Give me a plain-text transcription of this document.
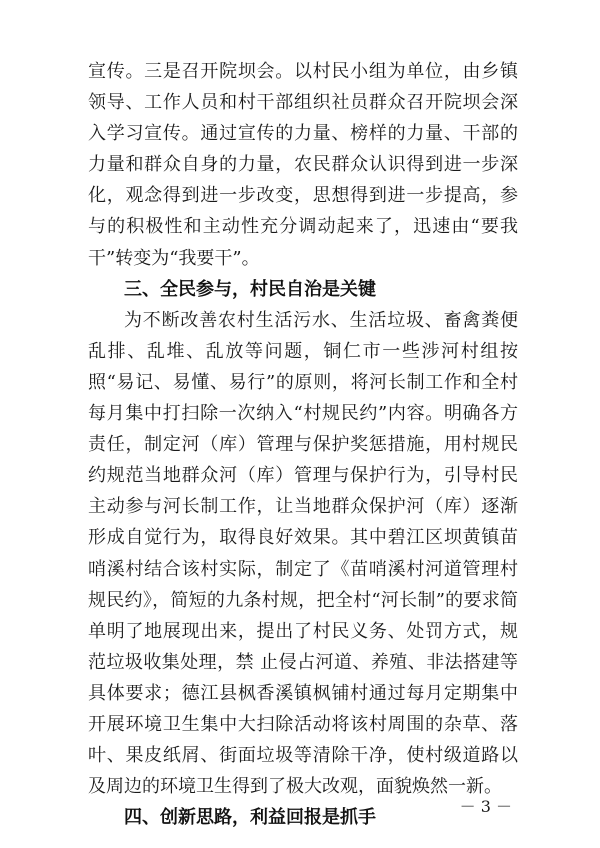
宣传。三是召开院坝会。以村民小组为单位，由乡镇领导、工作人员和村干部组织社员群众召开院坝会深入学习宣传。通过宣传的力量、榜样的力量、干部的力量和群众自身的力量，农民群众认识得到进一步深化，观念得到进一步改变，思想得到进一步提高，参与的积极性和主动性充分调动起来了，迅速由“要我干”转变为“我要干”。

三、全民参与，村民自治是关键

为不断改善农村生活污水、生活垃圾、畜禽粪便乱排、乱堆、乱放等问题，铜仁市一些涉河村组按照“易记、易懂、易行”的原则，将河长制工作和全村每月集中打扫除一次纳入“村规民约”内容。明确各方责任，制定河（库）管理与保护奖惩措施，用村规民约规范当地群众河（库）管理与保护行为，引导村民主动参与河长制工作，让当地群众保护河（库）逐渐形成自觉行为，取得良好效果。其中碧江区坝黄镇苗哨溪村结合该村实际，制定了《苗哨溪村河道管理村规民约》，简短的九条村规，把全村“河长制”的要求简单明了地展现出来，提出了村民义务、处罚方式，规范垃圾收集处理，禁 止侵占河道、养殖、非法搭建等具体要求；德江县枫香溪镇枫铺村通过每月定期集中开展环境卫生集中大扫除活动将该村周围的杂草、落叶、果皮纸屑、街面垃圾等清除干净，使村级道路以及周边的环境卫生得到了极大改观，面貌焕然一新。

四、创新思路，利益回报是抓手

－ 3 －
